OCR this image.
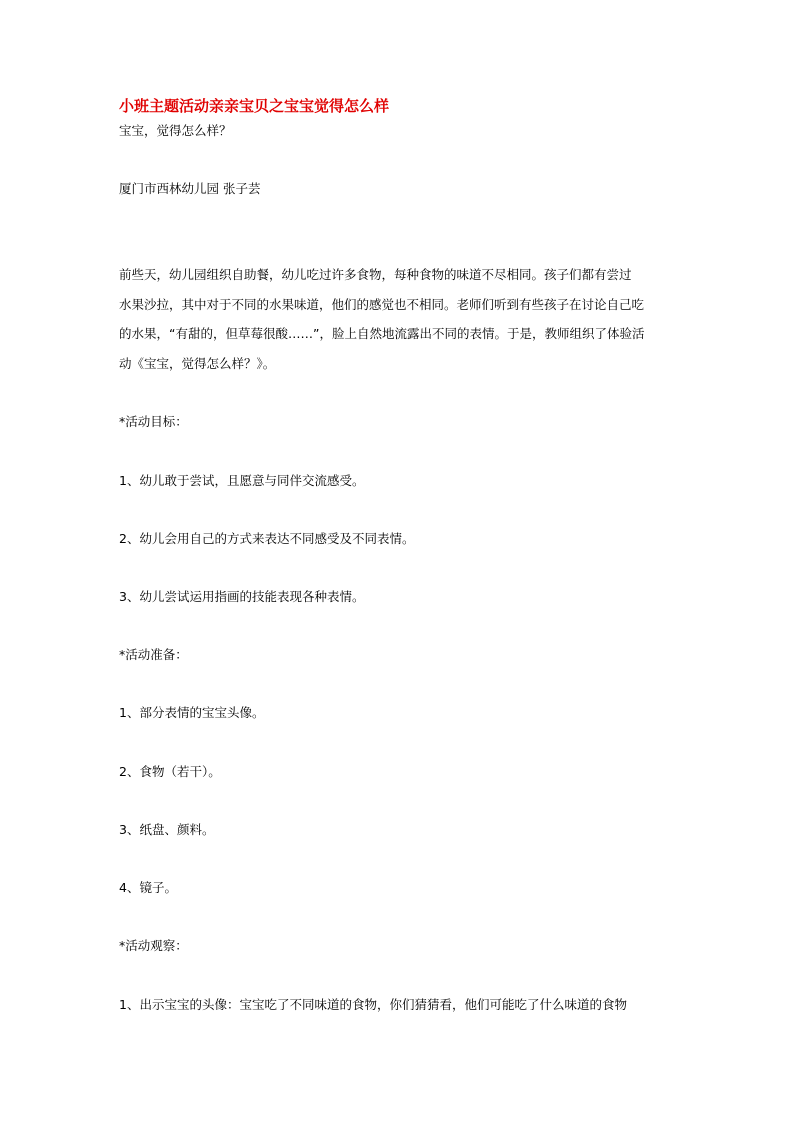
小班主题活动亲亲宝贝之宝宝觉得怎么样
宝宝，觉得怎么样？
厦门市西林幼儿园 张子芸
前些天，幼儿园组织自助餐，幼儿吃过许多食物，每种食物的味道不尽相同。孩子们都有尝过
水果沙拉，其中对于不同的水果味道，他们的感觉也不相同。老师们听到有些孩子在讨论自己吃
的水果，“有甜的，但草莓很酸……”，脸上自然地流露出不同的表情。于是，教师组织了体验活
动《宝宝，觉得怎么样？》。
*活动目标：
1、幼儿敢于尝试，且愿意与同伴交流感受。
2、幼儿会用自己的方式来表达不同感受及不同表情。
3、幼儿尝试运用指画的技能表现各种表情。
*活动准备：
1、部分表情的宝宝头像。
2、食物（若干）。
3、纸盘、颜料。
4、镜子。
*活动观察：
1、出示宝宝的头像：宝宝吃了不同味道的食物，你们猜猜看，他们可能吃了什么味道的食物
